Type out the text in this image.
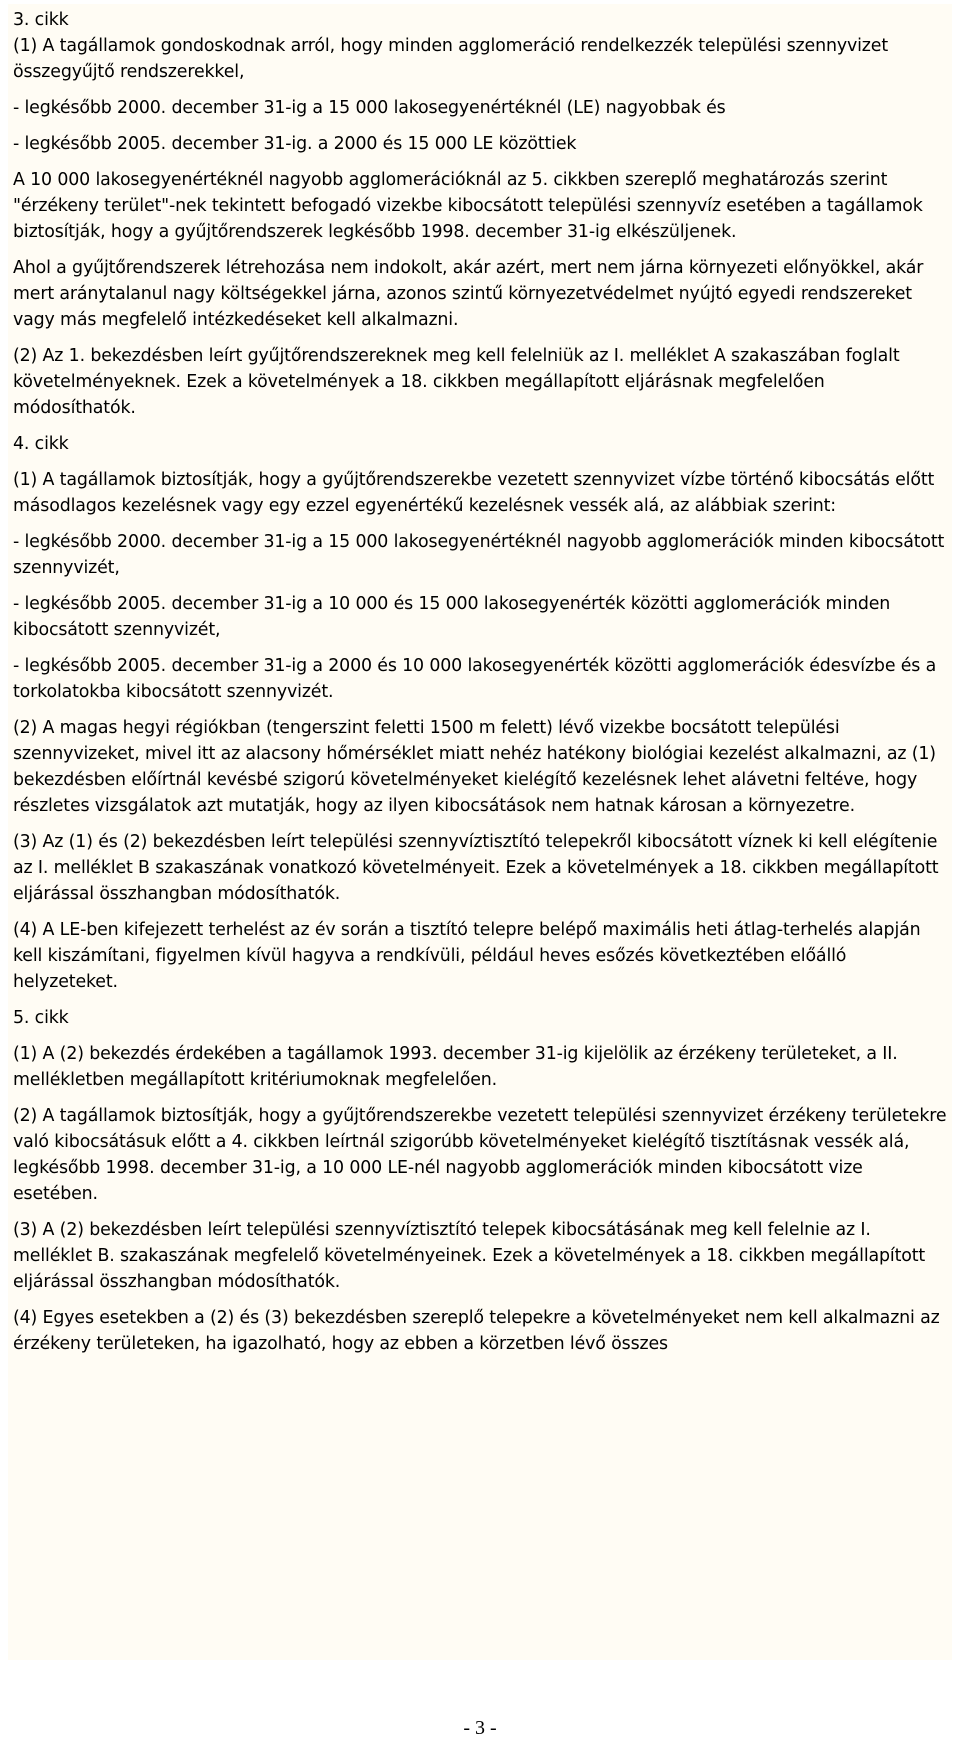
3. cikk

(1) A tagállamok gondoskodnak arról, hogy minden agglomeráció rendelkezzék települési szennyvizet összegyűjtő rendszerekkel,

- legkésőbb 2000. december 31-ig a 15 000 lakosegyenértéknél (LE) nagyobbak és

- legkésőbb 2005. december 31-ig. a 2000 és 15 000 LE közöttiek

A 10 000 lakosegyenértéknél nagyobb agglomerációknál az 5. cikkben szereplő meghatározás szerint "érzékeny terület"-nek tekintett befogadó vizekbe kibocsátott települési szennyvíz esetében a tagállamok biztosítják, hogy a gyűjtőrendszerek legkésőbb 1998. december 31-ig elkészüljenek.

Ahol a gyűjtőrendszerek létrehozása nem indokolt, akár azért, mert nem járna környezeti előnyökkel, akár mert aránytalanul nagy költségekkel járna, azonos szintű környezetvédelmet nyújtó egyedi rendszereket vagy más megfelelő intézkedéseket kell alkalmazni.

(2) Az 1. bekezdésben leírt gyűjtőrendszereknek meg kell felelniük az I. melléklet A szakaszában foglalt követelményeknek. Ezek a követelmények a 18. cikkben megállapított eljárásnak megfelelően módosíthatók.

4. cikk

(1) A tagállamok biztosítják, hogy a gyűjtőrendszerekbe vezetett szennyvizet vízbe történő kibocsátás előtt másodlagos kezelésnek vagy egy ezzel egyenértékű kezelésnek vessék alá, az alábbiak szerint:

- legkésőbb 2000. december 31-ig a 15 000 lakosegyenértéknél nagyobb agglomerációk minden kibocsátott szennyvizét,

- legkésőbb 2005. december 31-ig a 10 000 és 15 000 lakosegyenérték közötti agglomerációk minden kibocsátott szennyvizét,

- legkésőbb 2005. december 31-ig a 2000 és 10 000 lakosegyenérték közötti agglomerációk édesvízbe és a torkolatokba kibocsátott szennyvizét.

(2) A magas hegyi régiókban (tengerszint feletti 1500 m felett) lévő vizekbe bocsátott települési szennyvizeket, mivel itt az alacsony hőmérséklet miatt nehéz hatékony biológiai kezelést alkalmazni, az (1) bekezdésben előírtnál kevésbé szigorú követelményeket kielégítő kezelésnek lehet alávetni feltéve, hogy részletes vizsgálatok azt mutatják, hogy az ilyen kibocsátások nem hatnak károsan a környezetre.

(3) Az (1) és (2) bekezdésben leírt települési szennyvíztisztító telepekről kibocsátott víznek ki kell elégítenie az I. melléklet B szakaszának vonatkozó követelményeit. Ezek a követelmények a 18. cikkben megállapított eljárással összhangban módosíthatók.

(4) A LE-ben kifejezett terhelést az év során a tisztító telepre belépő maximális heti átlag-terhelés alapján kell kiszámítani, figyelmen kívül hagyva a rendkívüli, például heves esőzés következtében előálló helyzeteket.

5. cikk

(1) A (2) bekezdés érdekében a tagállamok 1993. december 31-ig kijelölik az érzékeny területeket, a II. mellékletben megállapított kritériumoknak megfelelően.

(2) A tagállamok biztosítják, hogy a gyűjtőrendszerekbe vezetett települési szennyvizet érzékeny területekre való kibocsátásuk előtt a 4. cikkben leírtnál szigorúbb követelményeket kielégítő tisztításnak vessék alá, legkésőbb 1998. december 31-ig, a 10 000 LE-nél nagyobb agglomerációk minden kibocsátott vize esetében.

(3) A (2) bekezdésben leírt települési szennyvíztisztító telepek kibocsátásának meg kell felelnie az I. melléklet B. szakaszának megfelelő követelményeinek. Ezek a követelmények a 18. cikkben megállapított eljárással összhangban módosíthatók.

(4) Egyes esetekben a (2) és (3) bekezdésben szereplő telepekre a követelményeket nem kell alkalmazni az érzékeny területeken, ha igazolható, hogy az ebben a körzetben lévő összes

- 3 -
